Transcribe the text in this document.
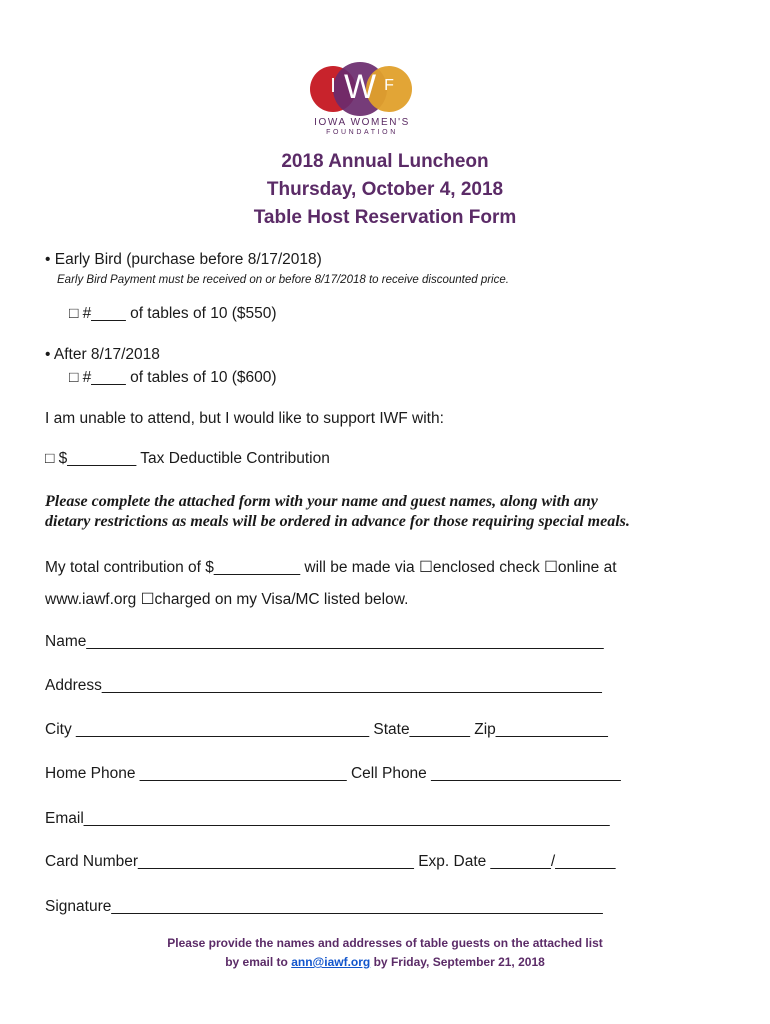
I W F
IOWA WOMEN'S
FOUNDATION
2018 Annual Luncheon
Thursday, October 4, 2018
Table Host Reservation Form
• Early Bird (purchase before 8/17/2018)
Early Bird Payment must be received on or before 8/17/2018 to receive discounted price.
□ #____ of tables of 10 ($550)
• After 8/17/2018
□ #____ of tables of 10 ($600)
I am unable to attend, but I would like to support IWF with:
□ $________ Tax Deductible Contribution
Please complete the attached form with your name and guest names, along with any
dietary restrictions as meals will be ordered in advance for those requiring special meals.
My total contribution of $__________ will be made via ☐enclosed check ☐online at
www.iawf.org ☐charged on my Visa/MC listed below.
Name____________________________________________________________
Address__________________________________________________________
City __________________________________ State_______ Zip_____________
Home Phone ________________________ Cell Phone ______________________
Email_____________________________________________________________
Card Number________________________________ Exp. Date _______/_______
Signature_________________________________________________________
Please provide the names and addresses of table guests on the attached list
by email to ann@iawf.org by Friday, September 21, 2018
